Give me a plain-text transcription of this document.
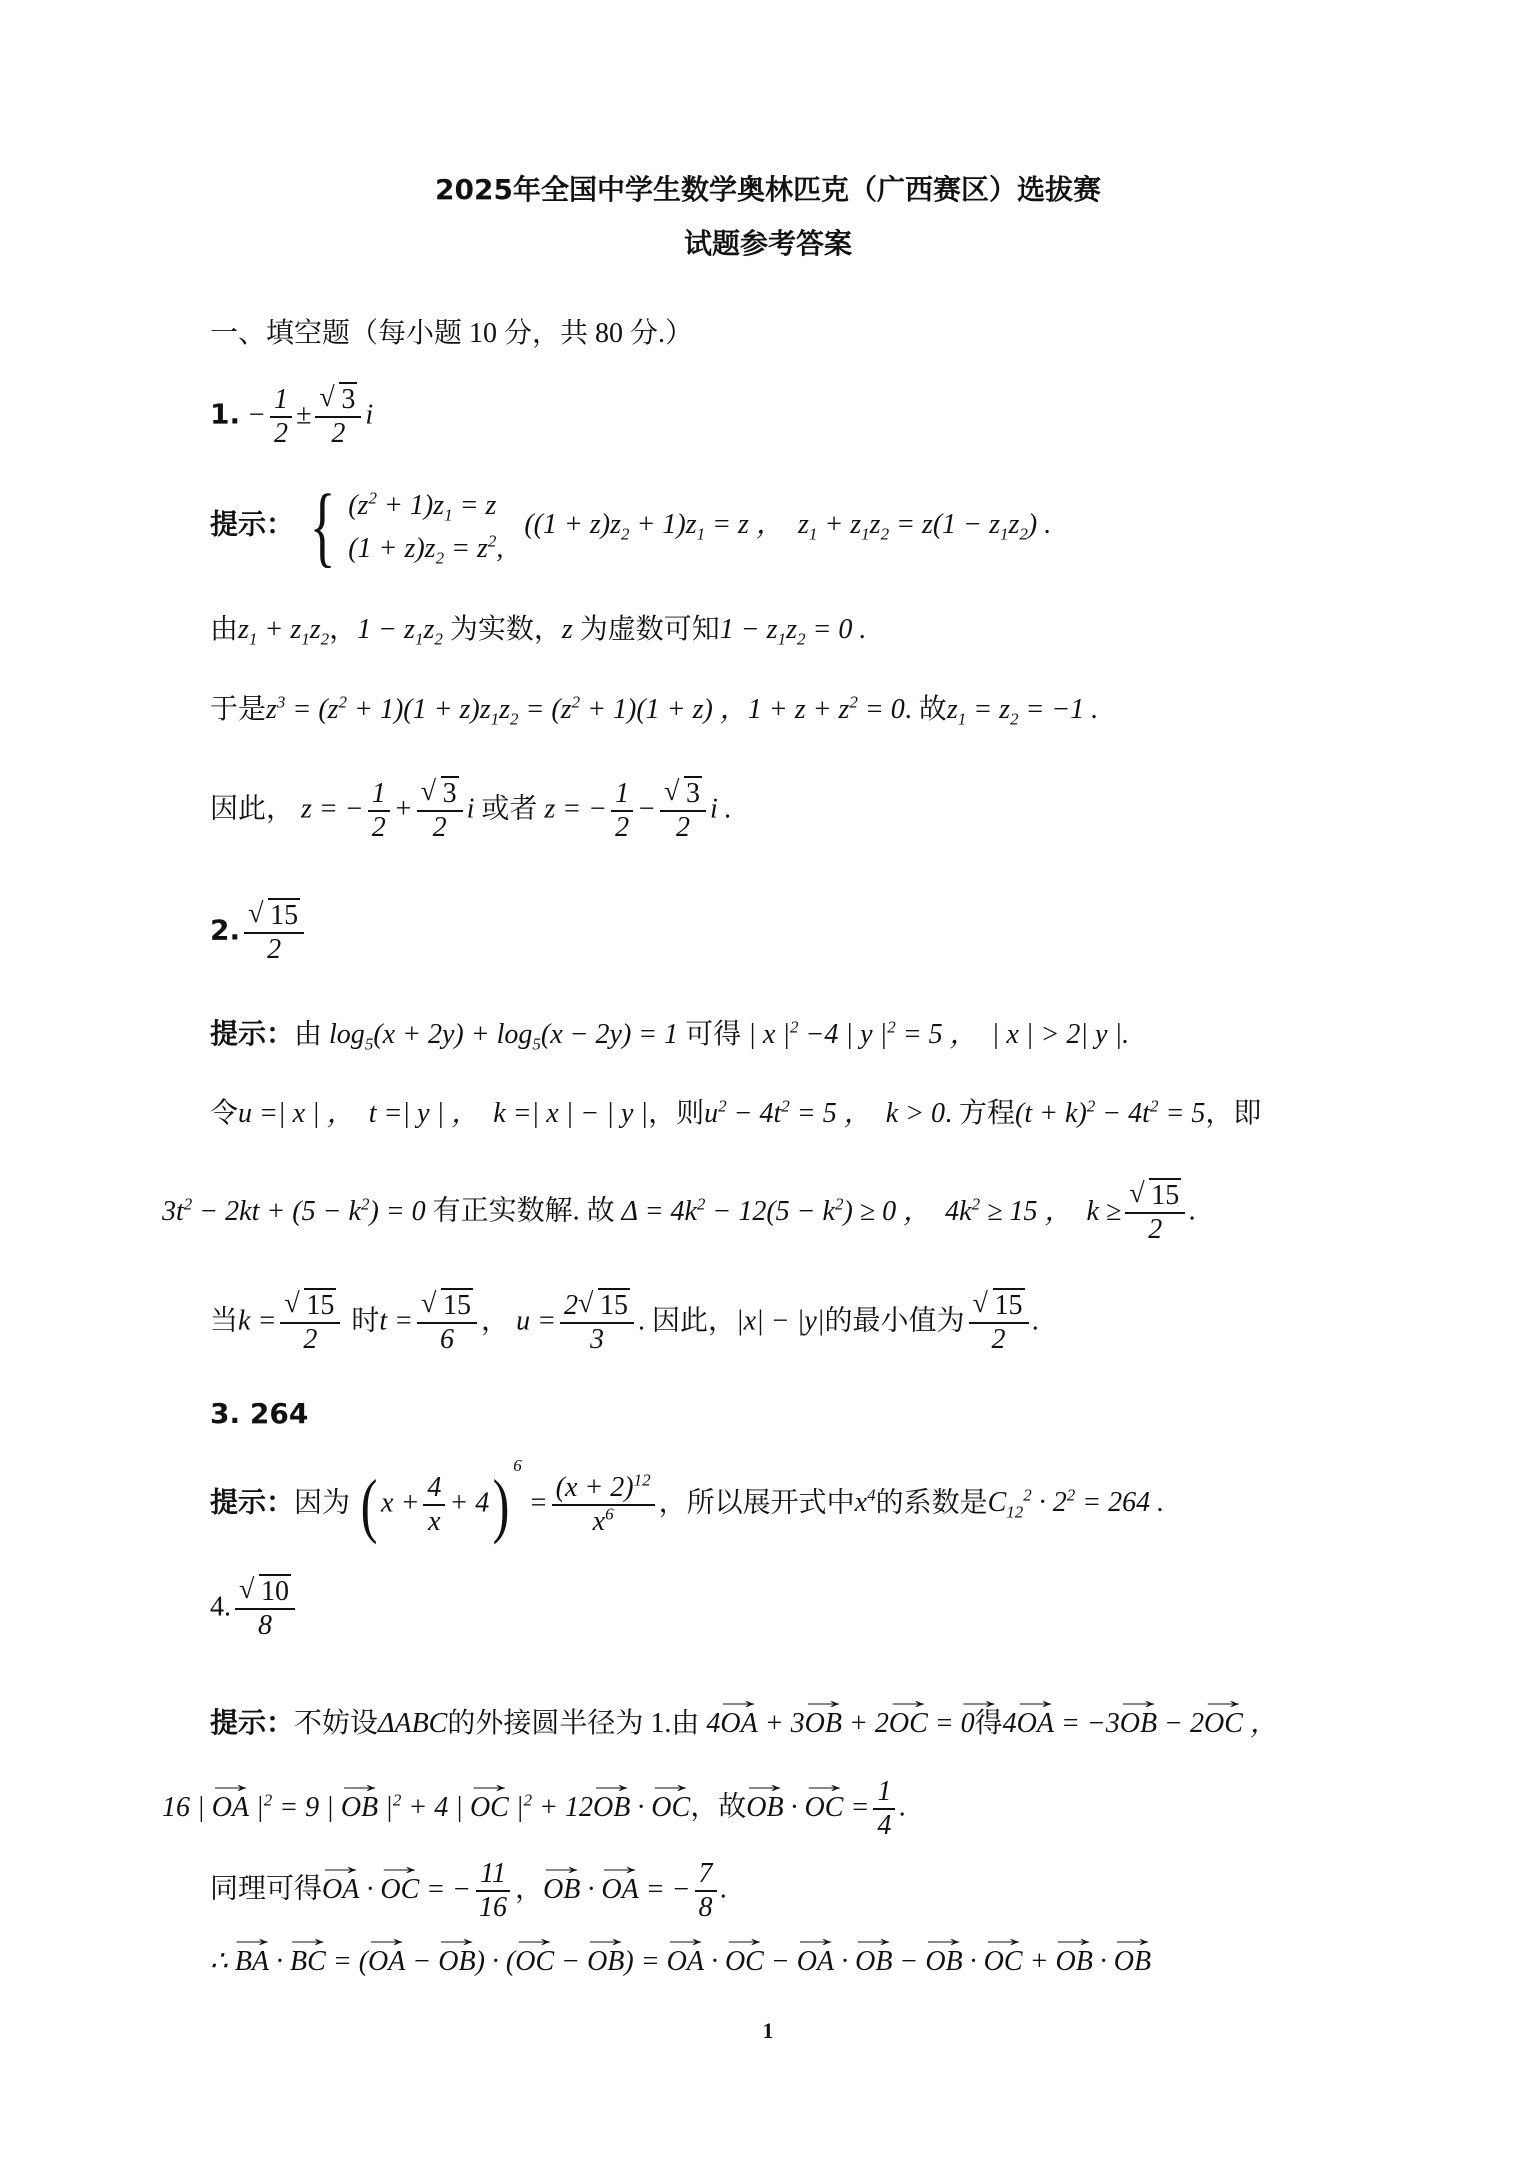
2025年全国中学生数学奥林匹克（广西赛区）选拔赛
试题参考答案
一、填空题（每小题 10 分，共 80 分.）
1. − $\frac{1}{2}$ ± √ $\frac{3}{2}$ i
提示： { $(z^2 + 1)z_1 = z$
$(1 + z)z_2 = z^2$,
$((1 + z)z_2 + 1)z_1 = z$ ，  $z_1 + z_1z_2 = z(1 - z_1z_2)$ .
由$z_1 + z_1z_2$，$1 - z_1z_2$ 为实数，z 为虚数可知$1 - z_1z_2 = 0$ .
于是$z^3 = (z^2 + 1)(1 + z)z_1z_2 = (z^2 + 1)(1 + z)$ ，$1 + z + z^2 = 0$. 故$z_1 = z_2 = -1$ .
因此， z = − $\frac{1}{2}$ + √ $\frac{3}{2}$ i 或者 z = − $\frac{1}{2}$ − √ $\frac{3}{2}$ i .
2. √ $\frac{15}{2}$
提示：由 $\log_5(x + 2y) + \log_5(x - 2y) = 1$ 可得 | x $|^2 -4$ | y $|^2 = 5$ ，  | x | > 2| y |.
令u =| x | ，  t =| y | ，  k =| x | − | y |，则$u^2 - 4t^2 = 5$ ，  k > 0. 方程$(t + k)^2 - 4t^2 = 5$，即
$3t^2 - 2kt + (5 - k^2) = 0$ 有正实数解. 故 $\Delta = 4k^2 - 12(5 - k^2) \ge 0$ ，  $4k^2 \ge 15$ ，  k ≥ √ $\frac{15}{2}$ .
当k = √ $\frac{15}{2}$ 时t = √ $\frac{15}{6}$ ， $u = \frac{2 √ 15}{3}$ . 因此，|x| − |y|的最小值为 √ $\frac{15}{2}$ .
3. 264
提示：因为 ( $x + \frac{4}{x} + 4$) $^6 = \frac{(x + 2)^{12}}{x^6}$ ，所以展开式中$x^4$的系数是$C_{12}^2 \cdot 2^2 = 264$ .
4. √ $\frac{10}{8}$
提示：不妨设ΔABC的外接圆半径为 1.由 4OA → + 3OB → + 2OC → = 0 →得4OA → = −3OB → − 2OC → ，
16 | OA → $|^2 = 9$ | OB → $|^2 + 4$ | OC → $|^2 + 12OB$ → · OC →，故OB → · OC → = $\frac{1}{4}$ .
同理可得OA → · OC → = − $\frac{11}{16}$ ，OB → · OA → = − $\frac{7}{8}$ .
∴ BA → · BC → = (OA → − OB →) · (OC → − OB →) = OA → · OC → − OA → · OB → − OB → · OC → + OB → · OB →
1
